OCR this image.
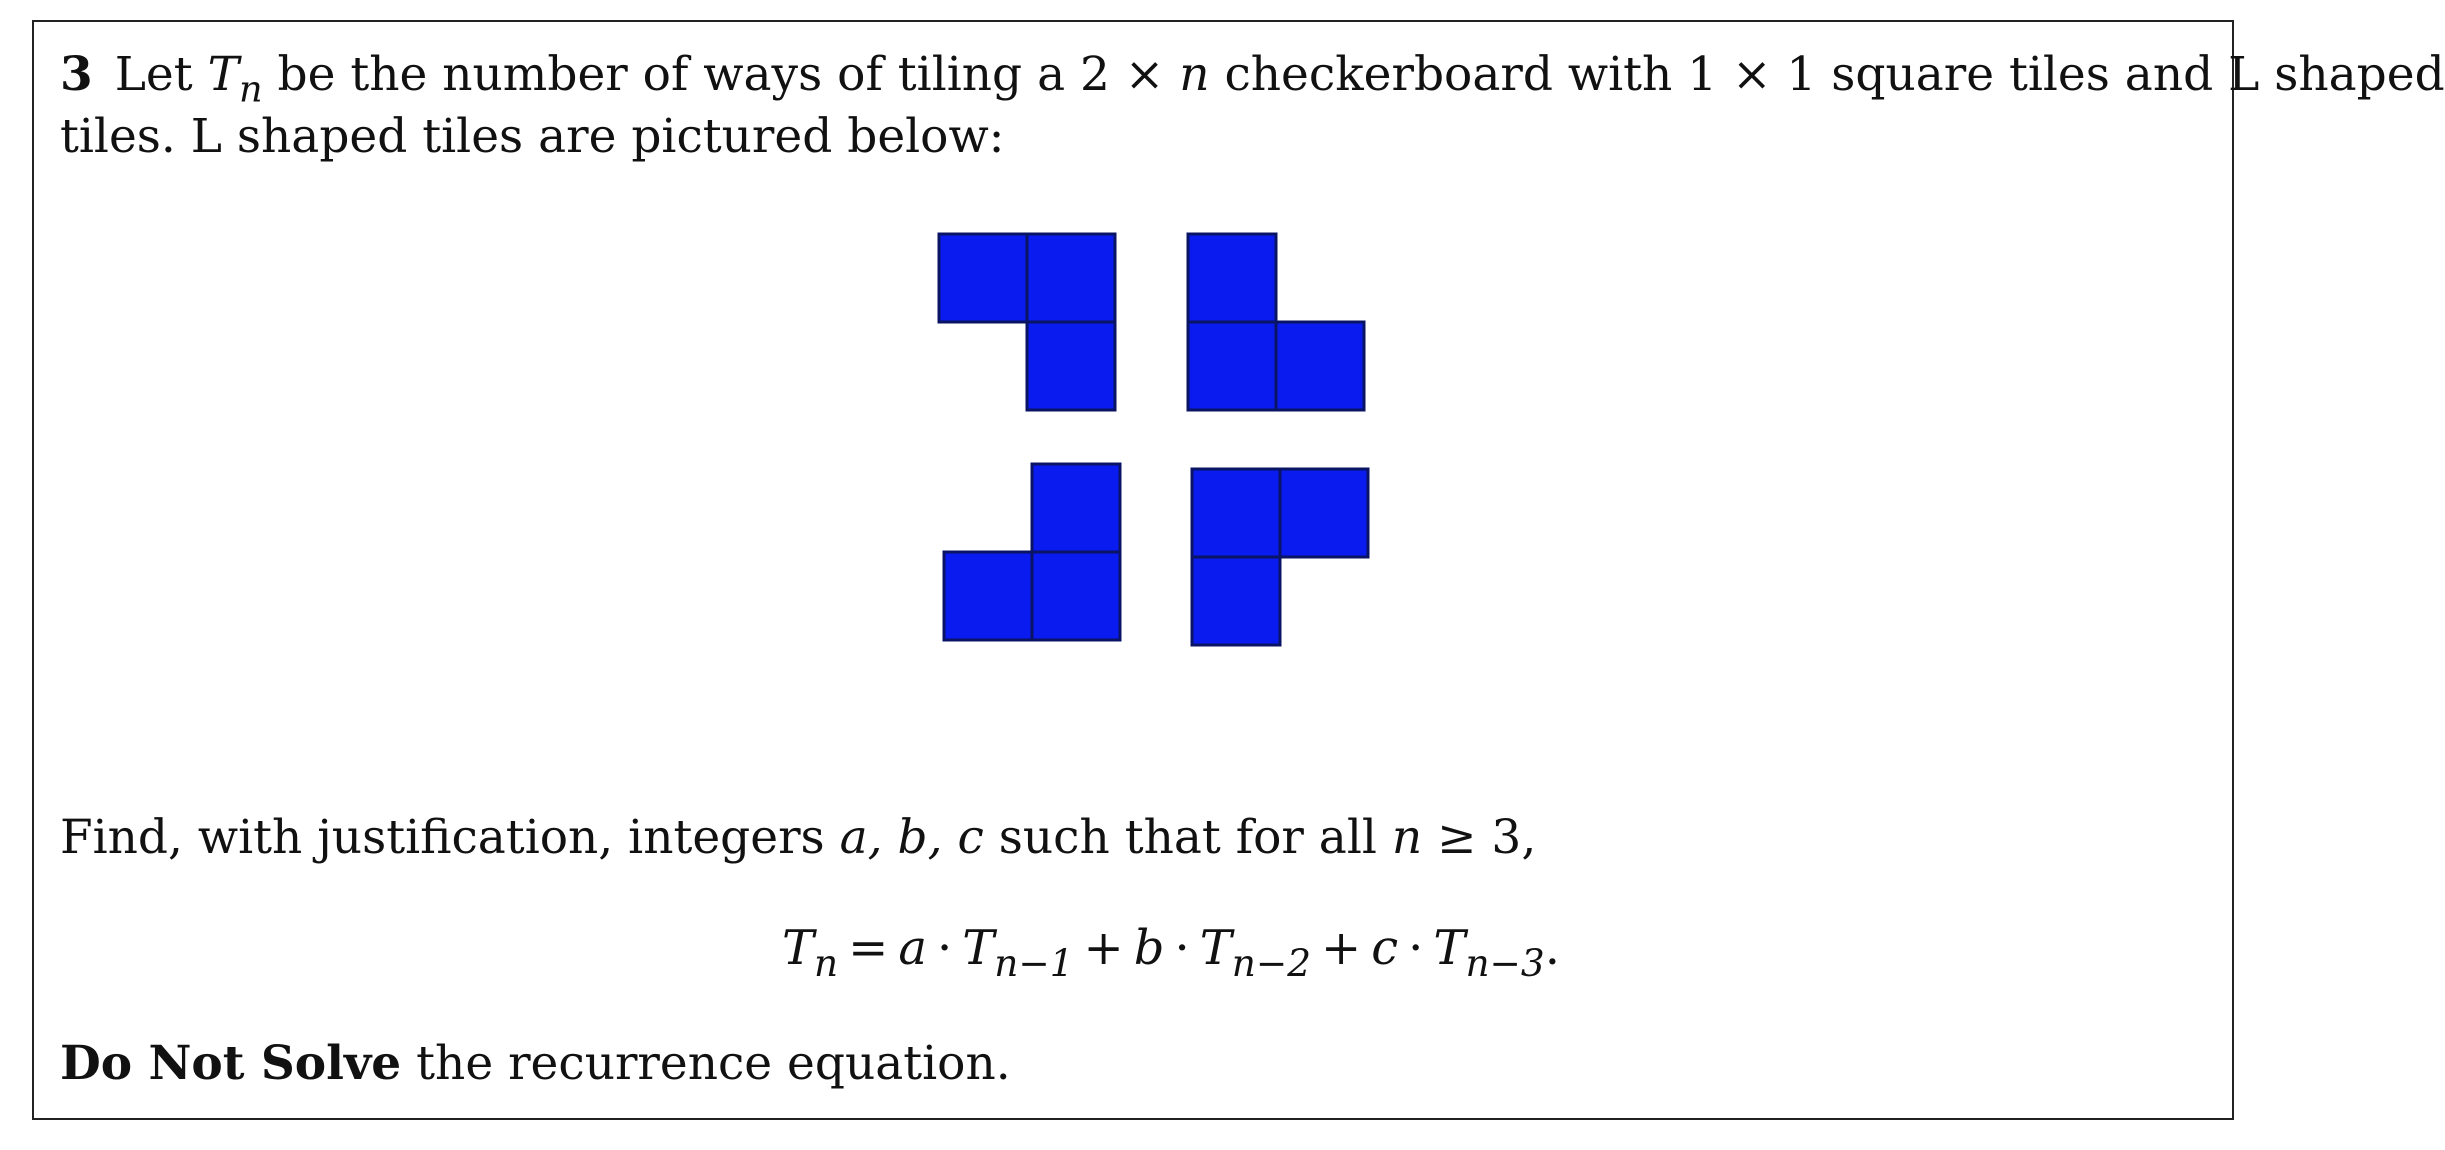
3 Let $T_n$ be the number of ways of tiling a 2 × n checkerboard with 1 × 1 square tiles and L shaped
tiles. L shaped tiles are pictured below:
Find, with justification, integers a, b, c such that for all n ≥ 3,
$T_n = a \cdot T_{n-1} + b \cdot T_{n-2} + c \cdot T_{n-3}$.
Do Not Solve the recurrence equation.
